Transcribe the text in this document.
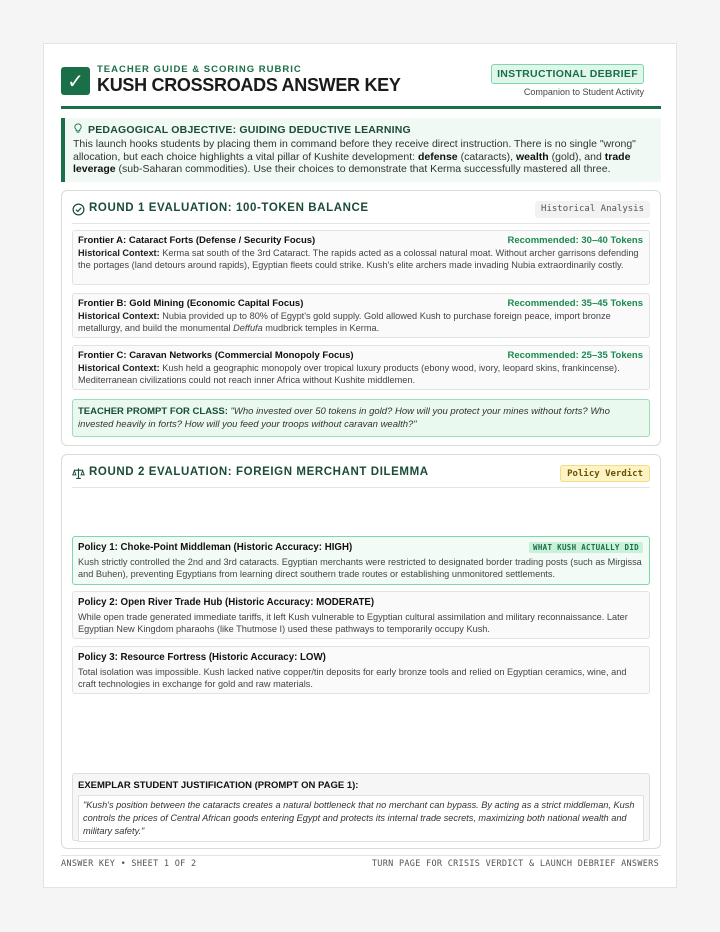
✓	TEACHER GUIDE & SCORING RUBRIC
KUSH CROSSROADS ANSWER KEY
INSTRUCTIONAL DEBRIEF
Companion to Student Activity
PEDAGOGICAL OBJECTIVE: GUIDING DEDUCTIVE LEARNING
This launch hooks students by placing them in command before they receive direct instruction. There is no single "wrong" allocation, but each choice highlights a vital pillar of Kushite development: defense (cataracts), wealth (gold), and trade leverage (sub-Saharan commodities). Use their choices to demonstrate that Kerma successfully mastered all three.
ROUND 1 EVALUATION: 100-TOKEN BALANCE	Historical Analysis
Frontier A: Cataract Forts (Defense / Security Focus)	Recommended: 30–40 Tokens
Historical Context: Kerma sat south of the 3rd Cataract. The rapids acted as a colossal natural moat. Without archer garrisons defending the portages (land detours around rapids), Egyptian fleets could strike. Kush's elite archers made invading Nubia extraordinarily costly.
Frontier B: Gold Mining (Economic Capital Focus)	Recommended: 35–45 Tokens
Historical Context: Nubia provided up to 80% of Egypt's gold supply. Gold allowed Kush to purchase foreign peace, import bronze metallurgy, and build the monumental Deffufa mudbrick temples in Kerma.
Frontier C: Caravan Networks (Commercial Monopoly Focus)	Recommended: 25–35 Tokens
Historical Context: Kush held a geographic monopoly over tropical luxury products (ebony wood, ivory, leopard skins, frankincense). Mediterranean civilizations could not reach inner Africa without Kushite middlemen.
TEACHER PROMPT FOR CLASS: "Who invested over 50 tokens in gold? How will you protect your mines without forts? Who invested heavily in forts? How will you feed your troops without caravan wealth?"
ROUND 2 EVALUATION: FOREIGN MERCHANT DILEMMA	Policy Verdict
Policy 1: Choke-Point Middleman (Historic Accuracy: HIGH)	WHAT KUSH ACTUALLY DID
Kush strictly controlled the 2nd and 3rd cataracts. Egyptian merchants were restricted to designated border trading posts (such as Mirgissa and Buhen), preventing Egyptians from learning direct southern trade routes or establishing unmonitored settlements.
Policy 2: Open River Trade Hub (Historic Accuracy: MODERATE)
While open trade generated immediate tariffs, it left Kush vulnerable to Egyptian cultural assimilation and military reconnaissance. Later Egyptian New Kingdom pharaohs (like Thutmose I) used these pathways to temporarily occupy Kush.
Policy 3: Resource Fortress (Historic Accuracy: LOW)
Total isolation was impossible. Kush lacked native copper/tin deposits for early bronze tools and relied on Egyptian ceramics, wine, and craft technologies in exchange for gold and raw materials.
EXEMPLAR STUDENT JUSTIFICATION (PROMPT ON PAGE 1):
"Kush's position between the cataracts creates a natural bottleneck that no merchant can bypass. By acting as a strict middleman, Kush controls the prices of Central African goods entering Egypt and protects its internal trade secrets, maximizing both national wealth and military safety."
ANSWER KEY • SHEET 1 OF 2	TURN PAGE FOR CRISIS VERDICT & LAUNCH DEBRIEF ANSWERS
